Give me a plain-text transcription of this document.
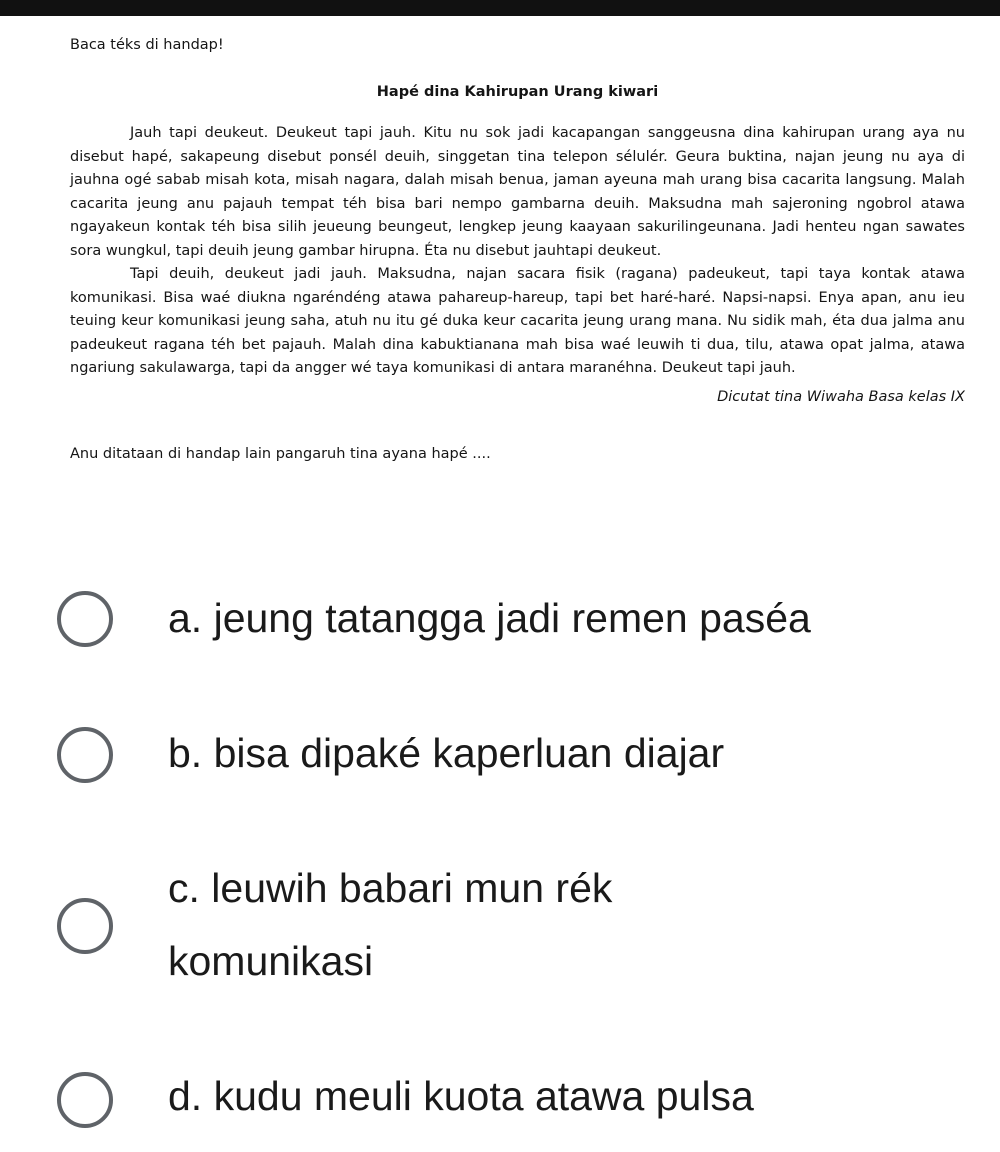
Baca téks di handap!

Hapé dina Kahirupan Urang kiwari

Jauh tapi deukeut. Deukeut tapi jauh. Kitu nu sok jadi kacapangan sanggeusna dina kahirupan urang aya nu disebut hapé, sakapeung disebut ponsél deuih, singgetan tina telepon sélulér. Geura buktina, najan jeung nu aya di jauhna ogé sabab misah kota, misah nagara, dalah misah benua, jaman ayeuna mah urang bisa cacarita langsung. Malah cacarita jeung anu pajauh tempat téh bisa bari nempo gambarna deuih. Maksudna mah sajeroning ngobrol atawa ngayakeun kontak téh bisa silih jeueung beungeut, lengkep jeung kaayaan sakurilingeunana. Jadi henteu ngan sawates sora wungkul, tapi deuih jeung gambar hirupna. Éta nu disebut jauhtapi deukeut.

Tapi deuih, deukeut jadi jauh. Maksudna, najan sacara fisik (ragana) padeukeut, tapi taya kontak atawa komunikasi. Bisa waé diukna ngaréndéng atawa pahareup-hareup, tapi bet haré-haré. Napsi-napsi. Enya apan, anu ieu teuing keur komunikasi jeung saha, atuh nu itu gé duka keur cacarita jeung urang mana. Nu sidik mah, éta dua jalma anu padeukeut ragana téh bet pajauh. Malah dina kabuktianana mah bisa waé leuwih ti dua, tilu, atawa opat jalma, atawa ngariung sakulawarga, tapi da angger wé taya komunikasi di antara maranéhna. Deukeut tapi jauh.

Dicutat tina Wiwaha Basa kelas IX

Anu ditataan di handap lain pangaruh tina ayana hapé ....

a. jeung tatangga jadi remen paséa
b. bisa dipaké kaperluan diajar
c. leuwih babari mun rék komunikasi
d. kudu meuli kuota atawa pulsa
